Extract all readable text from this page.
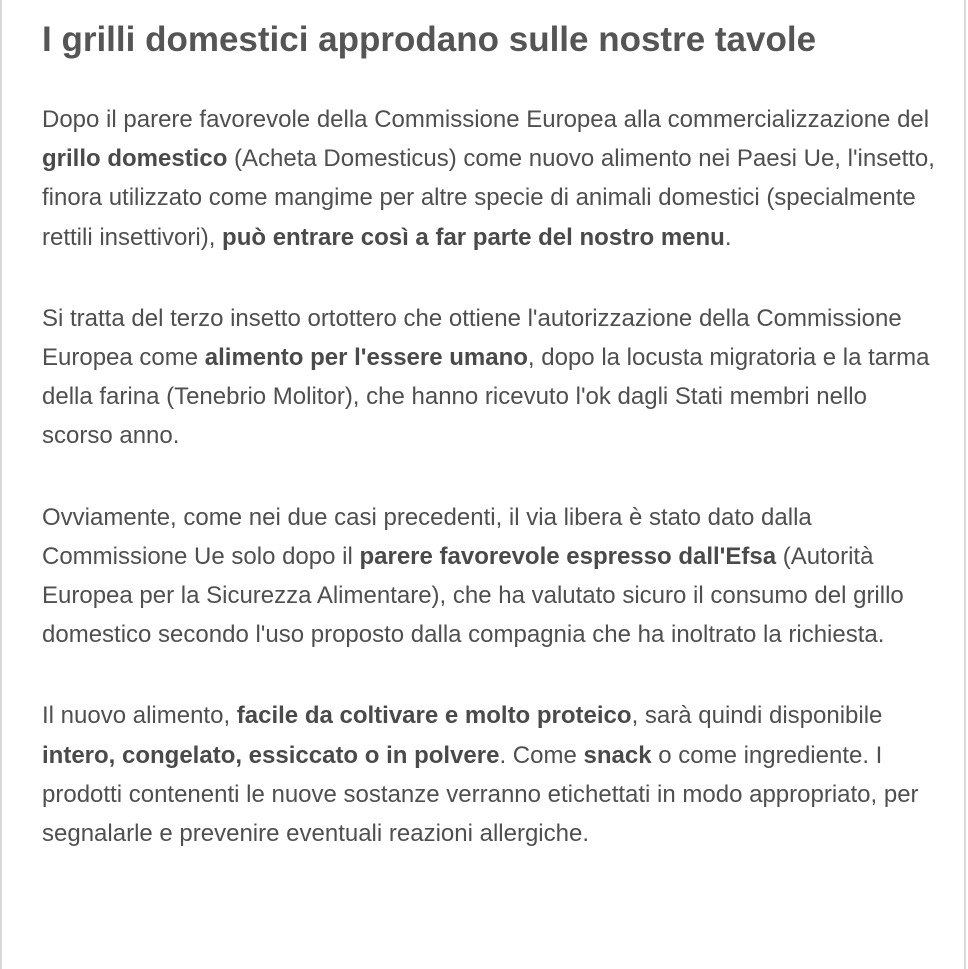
I grilli domestici approdano sulle nostre tavole

Dopo il parere favorevole della Commissione Europea alla commercializzazione del grillo domestico (Acheta Domesticus) come nuovo alimento nei Paesi Ue, l'insetto, finora utilizzato come mangime per altre specie di animali domestici (specialmente rettili insettivori), può entrare così a far parte del nostro menu.

Si tratta del terzo insetto ortottero che ottiene l'autorizzazione della Commissione Europea come alimento per l'essere umano, dopo la locusta migratoria e la tarma della farina (Tenebrio Molitor), che hanno ricevuto l'ok dagli Stati membri nello scorso anno.

Ovviamente, come nei due casi precedenti, il via libera è stato dato dalla Commissione Ue solo dopo il parere favorevole espresso dall'Efsa (Autorità Europea per la Sicurezza Alimentare), che ha valutato sicuro il consumo del grillo domestico secondo l'uso proposto dalla compagnia che ha inoltrato la richiesta.

Il nuovo alimento, facile da coltivare e molto proteico, sarà quindi disponibile intero, congelato, essiccato o in polvere. Come snack o come ingrediente. I prodotti contenenti le nuove sostanze verranno etichettati in modo appropriato, per segnalarle e prevenire eventuali reazioni allergiche.
